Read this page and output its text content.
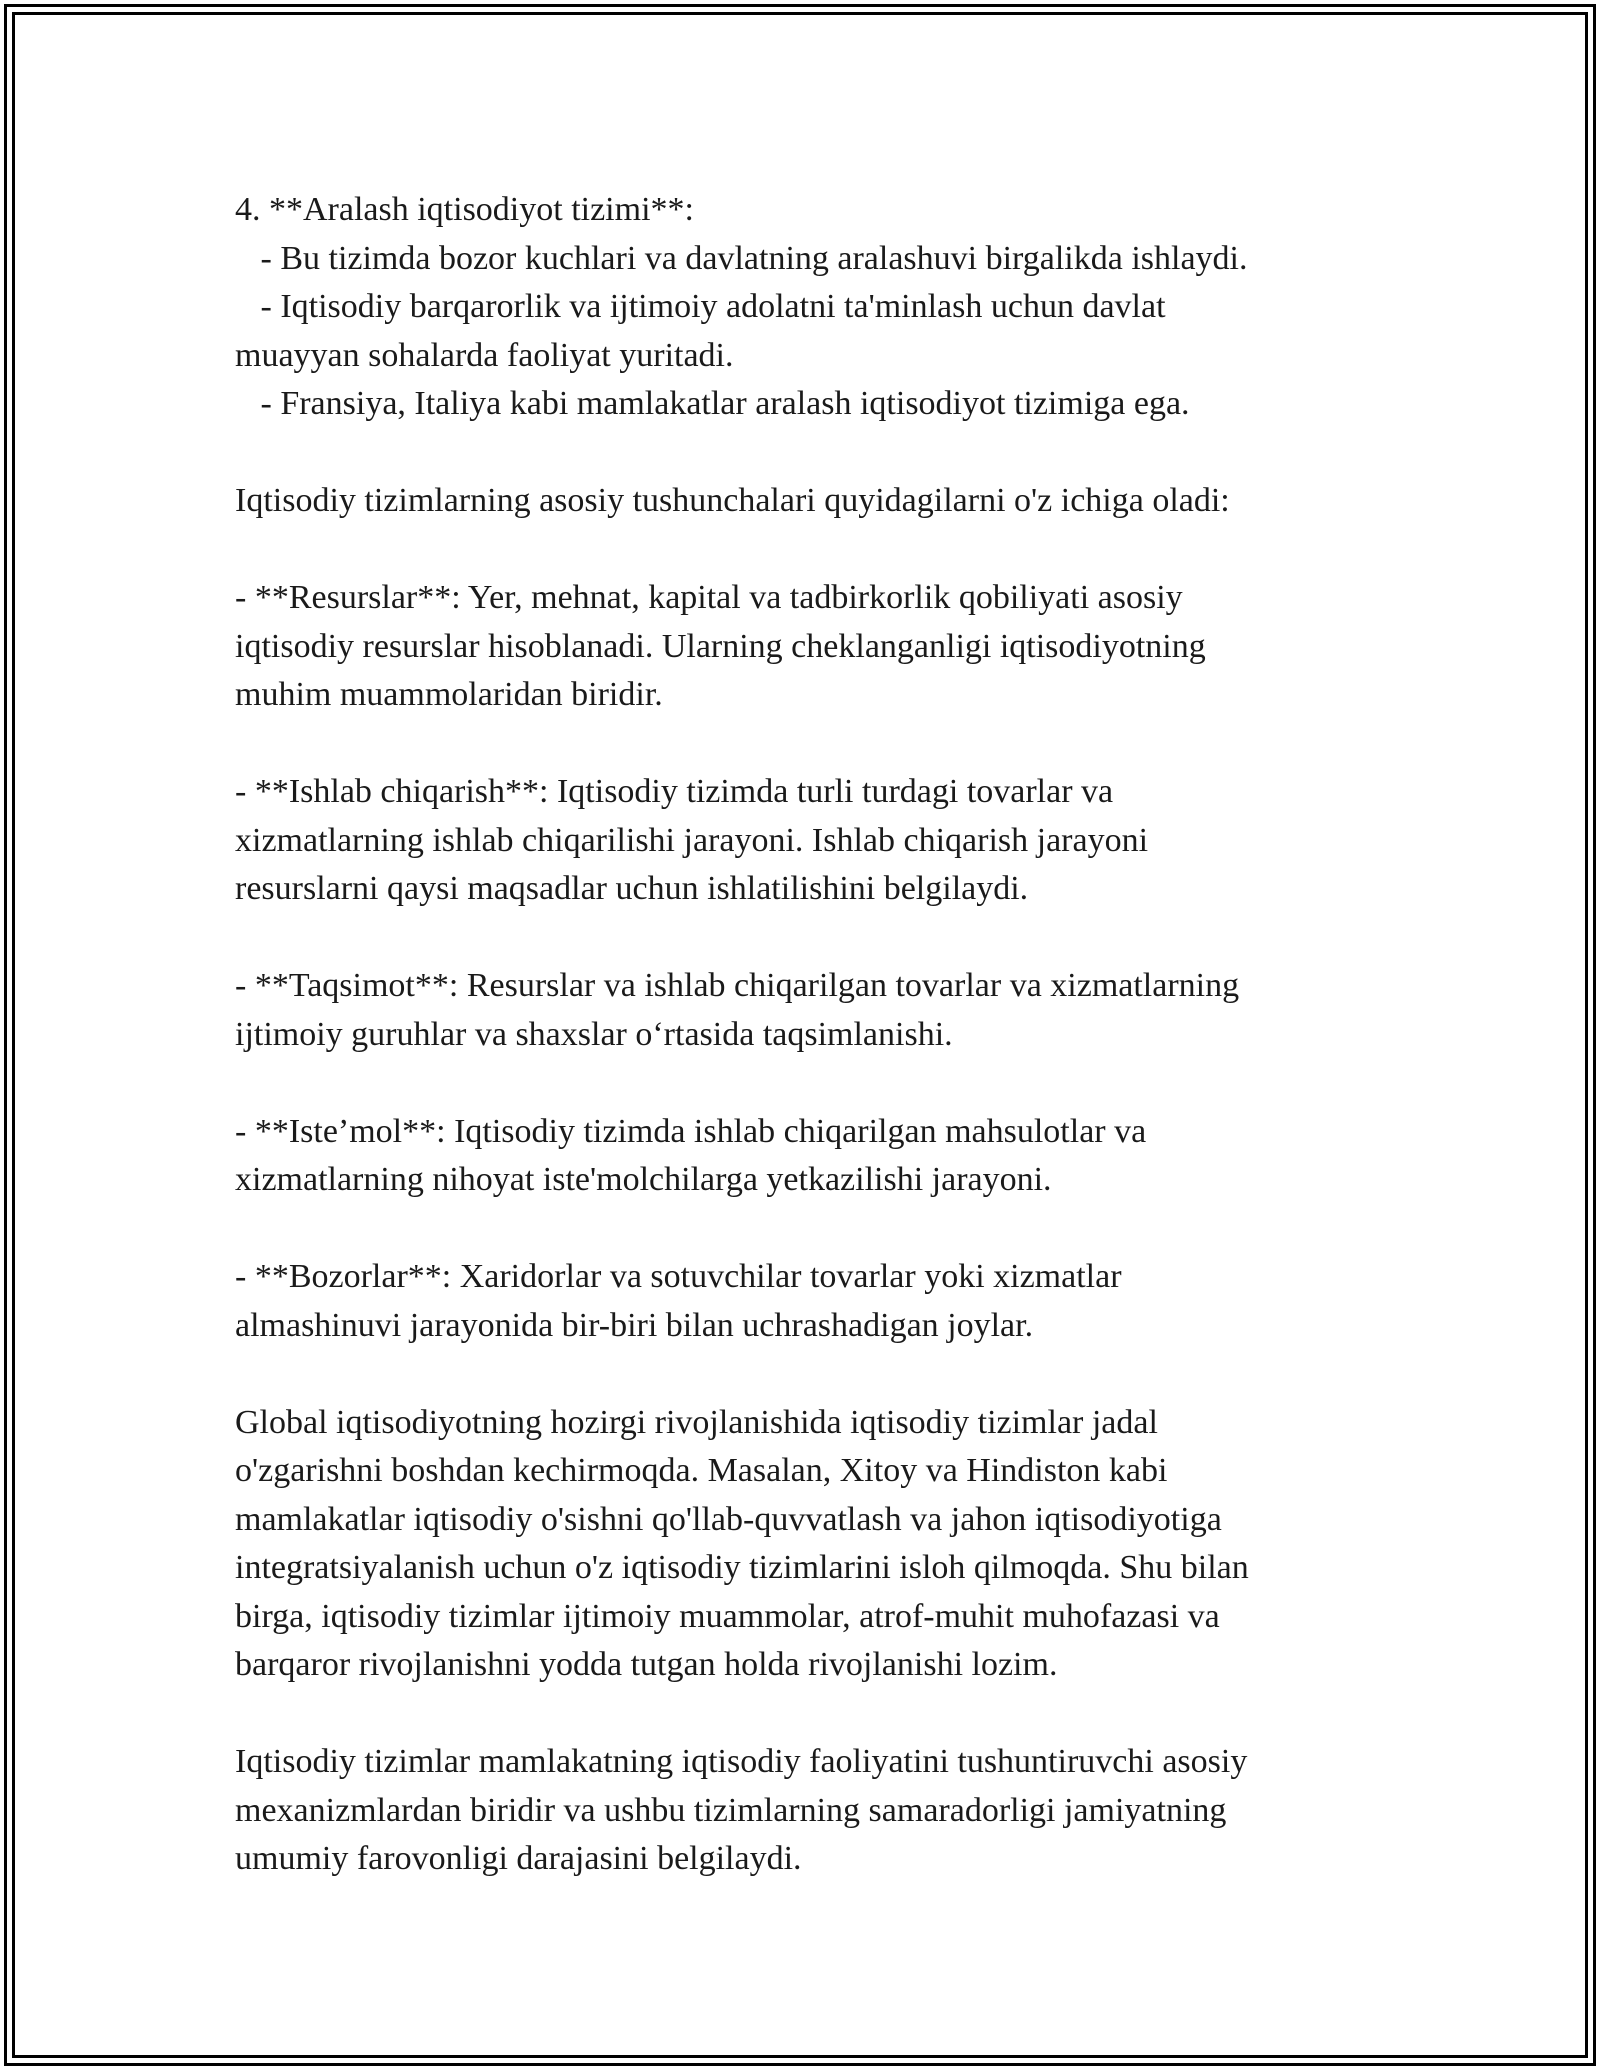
4. **Aralash iqtisodiyot tizimi**:
- Bu tizimda bozor kuchlari va davlatning aralashuvi birgalikda ishlaydi.
- Iqtisodiy barqarorlik va ijtimoiy adolatni ta'minlash uchun davlat
muayyan sohalarda faoliyat yuritadi.
- Fransiya, Italiya kabi mamlakatlar aralash iqtisodiyot tizimiga ega.
Iqtisodiy tizimlarning asosiy tushunchalari quyidagilarni o'z ichiga oladi:
- **Resurslar**: Yer, mehnat, kapital va tadbirkorlik qobiliyati asosiy
iqtisodiy resurslar hisoblanadi. Ularning cheklanganligi iqtisodiyotning
muhim muammolaridan biridir.
- **Ishlab chiqarish**: Iqtisodiy tizimda turli turdagi tovarlar va
xizmatlarning ishlab chiqarilishi jarayoni. Ishlab chiqarish jarayoni
resurslarni qaysi maqsadlar uchun ishlatilishini belgilaydi.
- **Taqsimot**: Resurslar va ishlab chiqarilgan tovarlar va xizmatlarning
ijtimoiy guruhlar va shaxslar o‘rtasida taqsimlanishi.
- **Iste’mol**: Iqtisodiy tizimda ishlab chiqarilgan mahsulotlar va
xizmatlarning nihoyat iste'molchilarga yetkazilishi jarayoni.
- **Bozorlar**: Xaridorlar va sotuvchilar tovarlar yoki xizmatlar
almashinuvi jarayonida bir-biri bilan uchrashadigan joylar.
Global iqtisodiyotning hozirgi rivojlanishida iqtisodiy tizimlar jadal
o'zgarishni boshdan kechirmoqda. Masalan, Xitoy va Hindiston kabi
mamlakatlar iqtisodiy o'sishni qo'llab-quvvatlash va jahon iqtisodiyotiga
integratsiyalanish uchun o'z iqtisodiy tizimlarini isloh qilmoqda. Shu bilan
birga, iqtisodiy tizimlar ijtimoiy muammolar, atrof-muhit muhofazasi va
barqaror rivojlanishni yodda tutgan holda rivojlanishi lozim.
Iqtisodiy tizimlar mamlakatning iqtisodiy faoliyatini tushuntiruvchi asosiy
mexanizmlardan biridir va ushbu tizimlarning samaradorligi jamiyatning
umumiy farovonligi darajasini belgilaydi.
